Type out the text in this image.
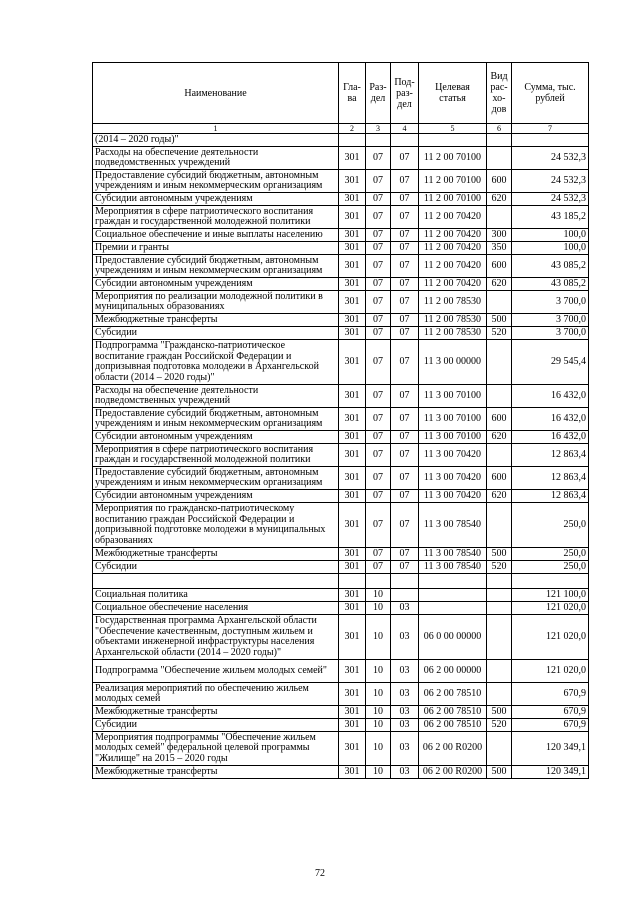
Наименование	Гла-ва	Раз-дел	Под-раз-дел	Целевая статья	Вид рас-хо-дов	Сумма, тыс. рублей
1	2	3	4	5	6	7
(2014 – 2020 годы)"						
Расходы на обеспечение деятельности подведомственных учреждений	301	07	07	11 2 00 70100		24 532,3
Предоставление субсидий бюджетным, автономным учреждениям и иным некоммерческим организациям	301	07	07	11 2 00 70100	600	24 532,3
Субсидии автономным учреждениям	301	07	07	11 2 00 70100	620	24 532,3
Мероприятия в сфере патриотического воспитания граждан и государственной молодежной политики	301	07	07	11 2 00 70420		43 185,2
Социальное обеспечение и иные выплаты населению	301	07	07	11 2 00 70420	300	100,0
Премии и гранты	301	07	07	11 2 00 70420	350	100,0
Предоставление субсидий бюджетным, автономным учреждениям и иным некоммерческим организациям	301	07	07	11 2 00 70420	600	43 085,2
Субсидии автономным учреждениям	301	07	07	11 2 00 70420	620	43 085,2
Мероприятия по реализации молодежной политики в муниципальных образованиях	301	07	07	11 2 00 78530		3 700,0
Межбюджетные трансферты	301	07	07	11 2 00 78530	500	3 700,0
Субсидии	301	07	07	11 2 00 78530	520	3 700,0
Подпрограмма "Гражданско-патриотическое воспитание граждан Российской Федерации и допризывная подготовка молодежи в Архангельской области (2014 – 2020 годы)"	301	07	07	11 3 00 00000		29 545,4
Расходы на обеспечение деятельности подведомственных учреждений	301	07	07	11 3 00 70100		16 432,0
Предоставление субсидий бюджетным, автономным учреждениям и иным некоммерческим организациям	301	07	07	11 3 00 70100	600	16 432,0
Субсидии автономным учреждениям	301	07	07	11 3 00 70100	620	16 432,0
Мероприятия в сфере патриотического воспитания граждан и государственной молодежной политики	301	07	07	11 3 00 70420		12 863,4
Предоставление субсидий бюджетным, автономным учреждениям и иным некоммерческим организациям	301	07	07	11 3 00 70420	600	12 863,4
Субсидии автономным учреждениям	301	07	07	11 3 00 70420	620	12 863,4
Мероприятия по гражданско-патриотическому воспитанию граждан Российской Федерации и допризывной подготовке молодежи в муниципальных образованиях	301	07	07	11 3 00 78540		250,0
Межбюджетные трансферты	301	07	07	11 3 00 78540	500	250,0
Субсидии	301	07	07	11 3 00 78540	520	250,0

Социальная политика	301	10				121 100,0
Социальное обеспечение населения	301	10	03			121 020,0
Государственная программа Архангельской области "Обеспечение качественным, доступным жильем и объектами инженерной инфраструктуры населения Архангельской области (2014 – 2020 годы)"	301	10	03	06 0 00 00000		121 020,0
Подпрограмма "Обеспечение жильем молодых семей"	301	10	03	06 2 00 00000		121 020,0
Реализация мероприятий по обеспечению жильем молодых семей	301	10	03	06 2 00 78510		670,9
Межбюджетные трансферты	301	10	03	06 2 00 78510	500	670,9
Субсидии	301	10	03	06 2 00 78510	520	670,9
Мероприятия подпрограммы "Обеспечение жильем молодых семей" федеральной целевой программы "Жилище" на 2015 – 2020 годы	301	10	03	06 2 00 R0200		120 349,1
Межбюджетные трансферты	301	10	03	06 2 00 R0200	500	120 349,1
72
